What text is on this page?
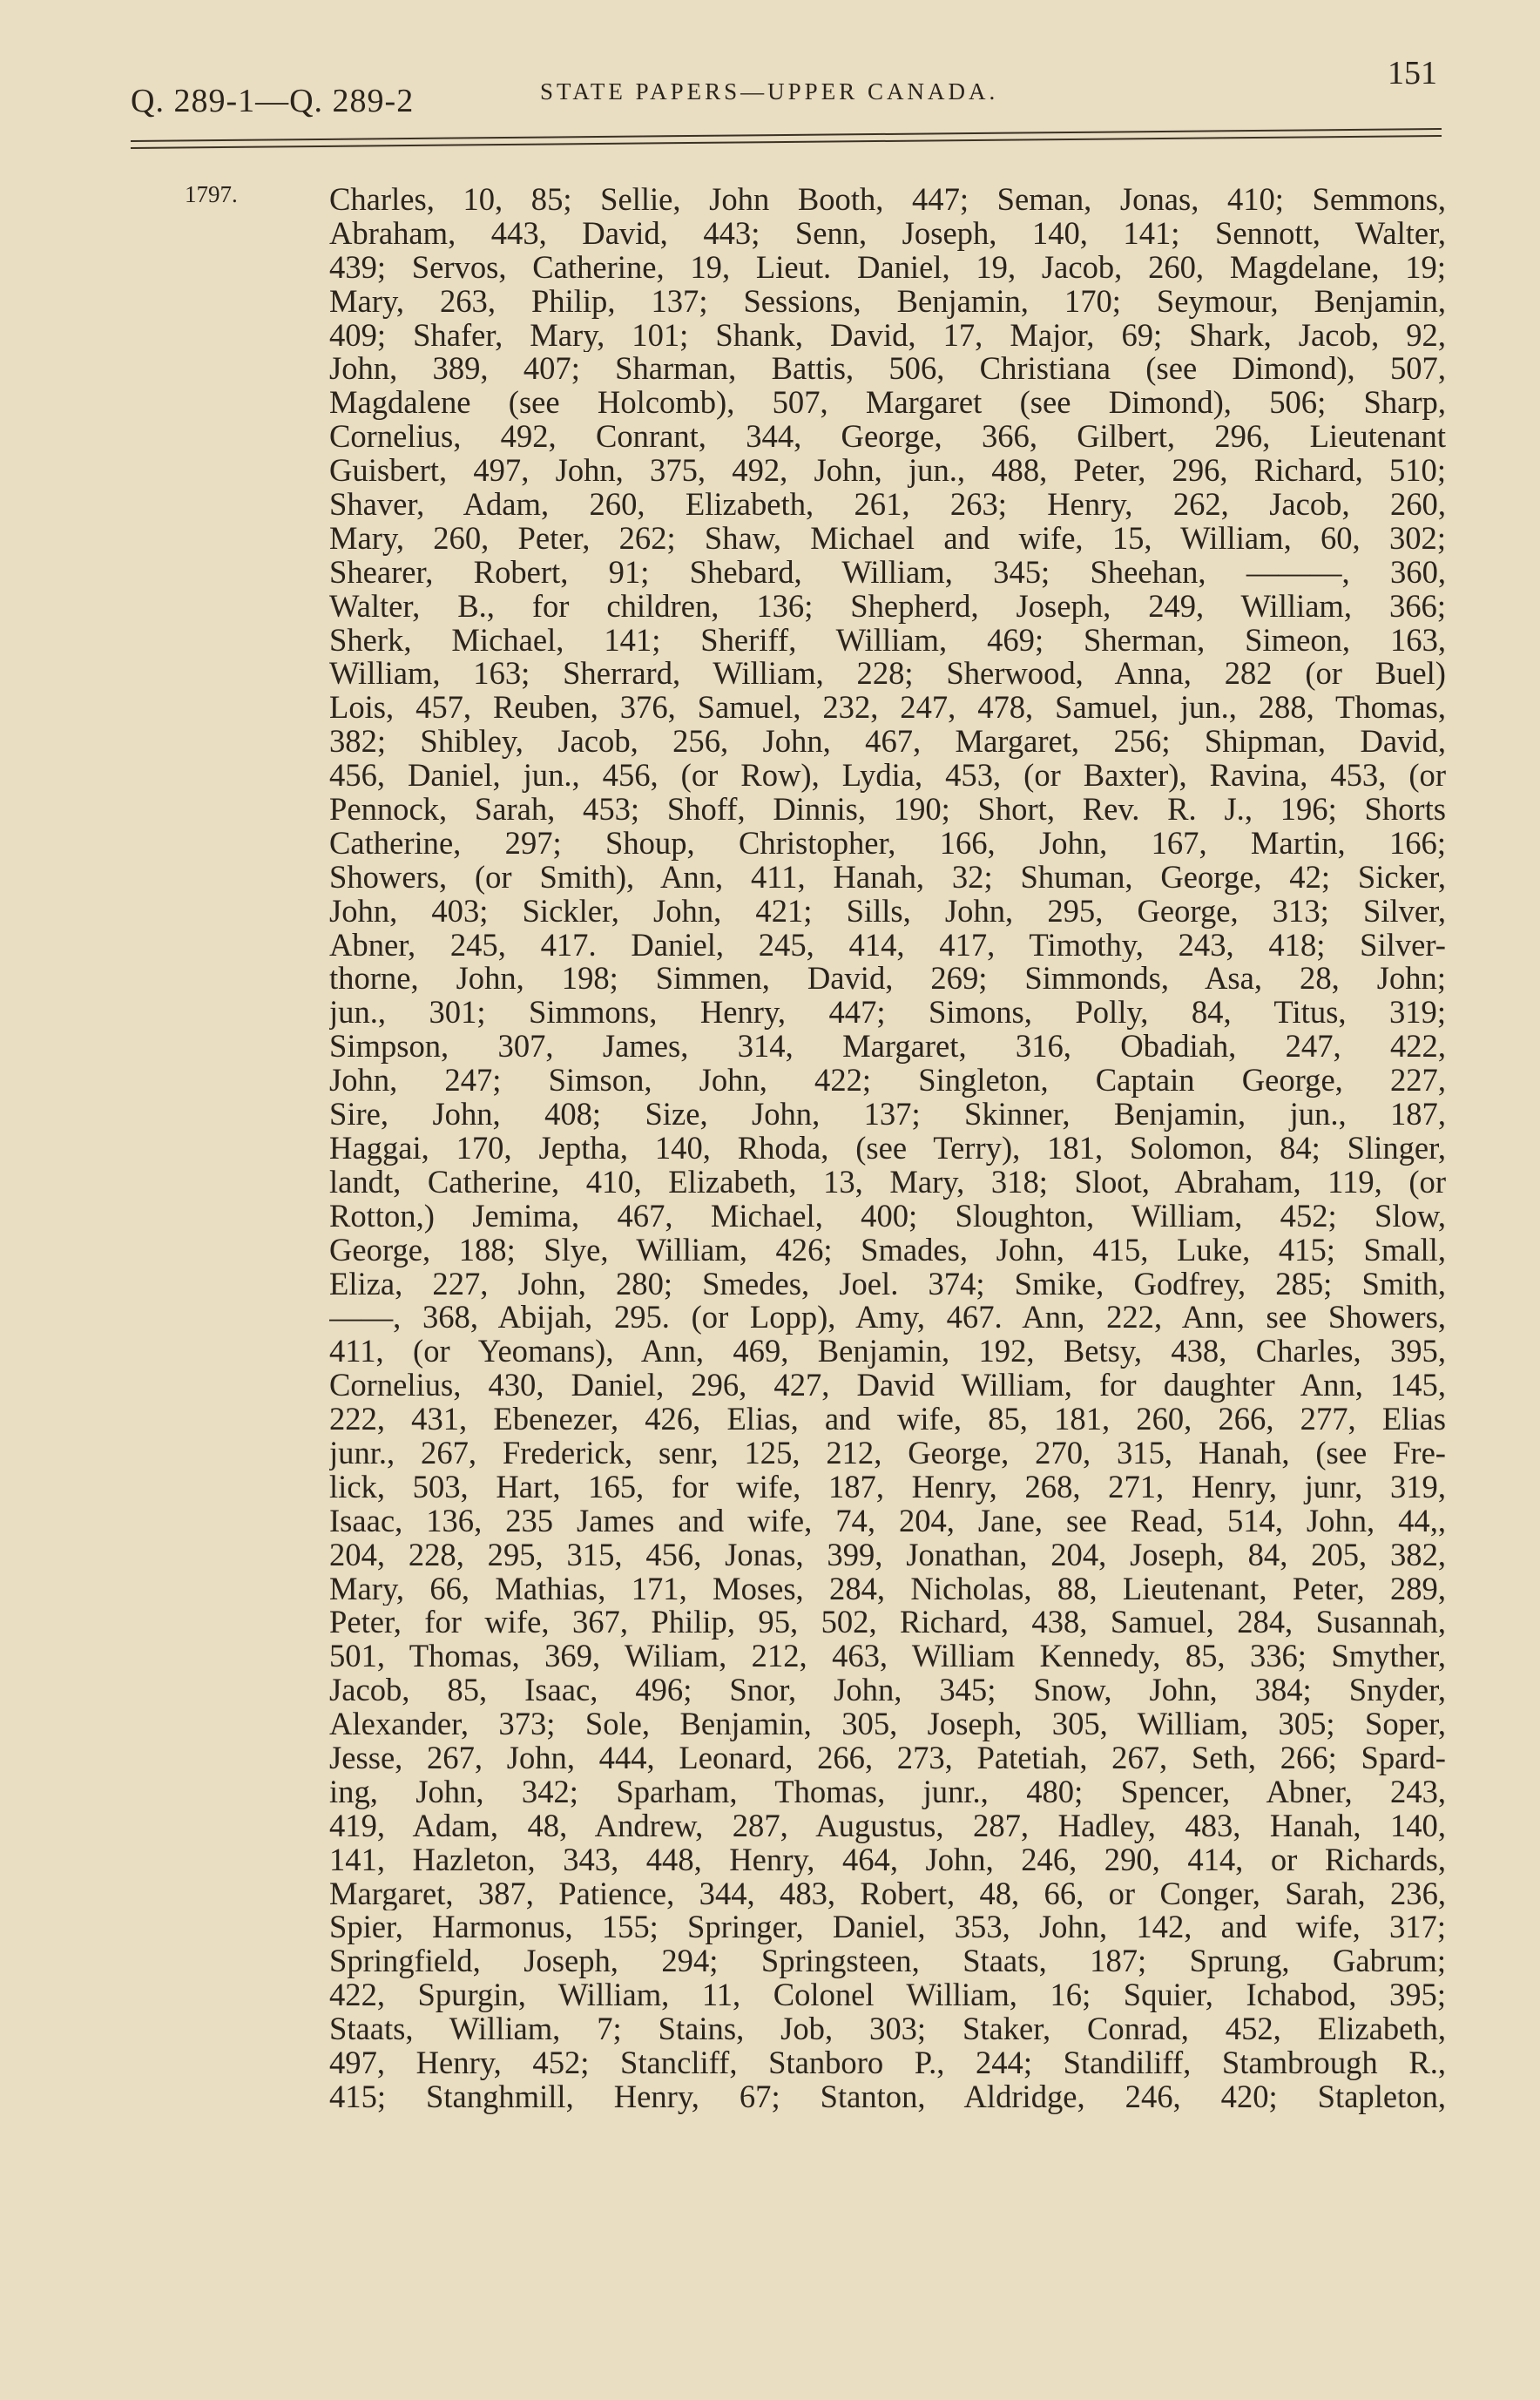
Q. 289-1—Q. 289-2	STATE PAPERS—UPPER CANADA.	151
1797.	Charles, 10, 85; Sellie, John Booth, 447; Seman, Jonas, 410; Semmons,
Abraham, 443, David, 443; Senn, Joseph, 140, 141; Sennott, Walter,
439; Servos, Catherine, 19, Lieut. Daniel, 19, Jacob, 260, Magdelane, 19;
Mary, 263, Philip, 137; Sessions, Benjamin, 170; Seymour, Benjamin,
409; Shafer, Mary, 101; Shank, David, 17, Major, 69; Shark, Jacob, 92,
John, 389, 407; Sharman, Battis, 506, Christiana (see Dimond), 507,
Magdalene (see Holcomb), 507, Margaret (see Dimond), 506; Sharp,
Cornelius, 492, Conrant, 344, George, 366, Gilbert, 296, Lieutenant
Guisbert, 497, John, 375, 492, John, jun., 488, Peter, 296, Richard, 510;
Shaver, Adam, 260, Elizabeth, 261, 263; Henry, 262, Jacob, 260,
Mary, 260, Peter, 262; Shaw, Michael and wife, 15, William, 60, 302;
Shearer, Robert, 91; Shebard, William, 345; Sheehan, ———, 360,
Walter, B., for children, 136; Shepherd, Joseph, 249, William, 366;
Sherk, Michael, 141; Sheriff, William, 469; Sherman, Simeon, 163,
William, 163; Sherrard, William, 228; Sherwood, Anna, 282 (or Buel)
Lois, 457, Reuben, 376, Samuel, 232, 247, 478, Samuel, jun., 288, Thomas,
382; Shibley, Jacob, 256, John, 467, Margaret, 256; Shipman, David,
456, Daniel, jun., 456, (or Row), Lydia, 453, (or Baxter), Ravina, 453, (or
Pennock, Sarah, 453; Shoff, Dinnis, 190; Short, Rev. R. J., 196; Shorts
Catherine, 297; Shoup, Christopher, 166, John, 167, Martin, 166;
Showers, (or Smith), Ann, 411, Hanah, 32; Shuman, George, 42; Sicker,
John, 403; Sickler, John, 421; Sills, John, 295, George, 313; Silver,
Abner, 245, 417. Daniel, 245, 414, 417, Timothy, 243, 418; Silver-
thorne, John, 198; Simmen, David, 269; Simmonds, Asa, 28, John;
jun., 301; Simmons, Henry, 447; Simons, Polly, 84, Titus, 319;
Simpson, 307, James, 314, Margaret, 316, Obadiah, 247, 422,
John, 247; Simson, John, 422; Singleton, Captain George, 227,
Sire, John, 408; Size, John, 137; Skinner, Benjamin, jun., 187,
Haggai, 170, Jeptha, 140, Rhoda, (see Terry), 181, Solomon, 84; Slinger,
landt, Catherine, 410, Elizabeth, 13, Mary, 318; Sloot, Abraham, 119, (or
Rotton,) Jemima, 467, Michael, 400; Sloughton, William, 452; Slow,
George, 188; Slye, William, 426; Smades, John, 415, Luke, 415; Small,
Eliza, 227, John, 280; Smedes, Joel. 374; Smike, Godfrey, 285; Smith,
——, 368, Abijah, 295. (or Lopp), Amy, 467. Ann, 222, Ann, see Showers,
411, (or Yeomans), Ann, 469, Benjamin, 192, Betsy, 438, Charles, 395,
Cornelius, 430, Daniel, 296, 427, David William, for daughter Ann, 145,
222, 431, Ebenezer, 426, Elias, and wife, 85, 181, 260, 266, 277, Elias
junr., 267, Frederick, senr, 125, 212, George, 270, 315, Hanah, (see Fre-
lick, 503, Hart, 165, for wife, 187, Henry, 268, 271, Henry, junr, 319,
Isaac, 136, 235 James and wife, 74, 204, Jane, see Read, 514, John, 44,,
204, 228, 295, 315, 456, Jonas, 399, Jonathan, 204, Joseph, 84, 205, 382,
Mary, 66, Mathias, 171, Moses, 284, Nicholas, 88, Lieutenant, Peter, 289,
Peter, for wife, 367, Philip, 95, 502, Richard, 438, Samuel, 284, Susannah,
501, Thomas, 369, Wiliam, 212, 463, William Kennedy, 85, 336; Smyther,
Jacob, 85, Isaac, 496; Snor, John, 345; Snow, John, 384; Snyder,
Alexander, 373; Sole, Benjamin, 305, Joseph, 305, William, 305; Soper,
Jesse, 267, John, 444, Leonard, 266, 273, Patetiah, 267, Seth, 266; Spard-
ing, John, 342; Sparham, Thomas, junr., 480; Spencer, Abner, 243,
419, Adam, 48, Andrew, 287, Augustus, 287, Hadley, 483, Hanah, 140,
141, Hazleton, 343, 448, Henry, 464, John, 246, 290, 414, or Richards,
Margaret, 387, Patience, 344, 483, Robert, 48, 66, or Conger, Sarah, 236,
Spier, Harmonus, 155; Springer, Daniel, 353, John, 142, and wife, 317;
Springfield, Joseph, 294; Springsteen, Staats, 187; Sprung, Gabrum;
422, Spurgin, William, 11, Colonel William, 16; Squier, Ichabod, 395;
Staats, William, 7; Stains, Job, 303; Staker, Conrad, 452, Elizabeth,
497, Henry, 452; Stancliff, Stanboro P., 244; Standiliff, Stambrough R.,
415; Stanghmill, Henry, 67; Stanton, Aldridge, 246, 420; Stapleton,
